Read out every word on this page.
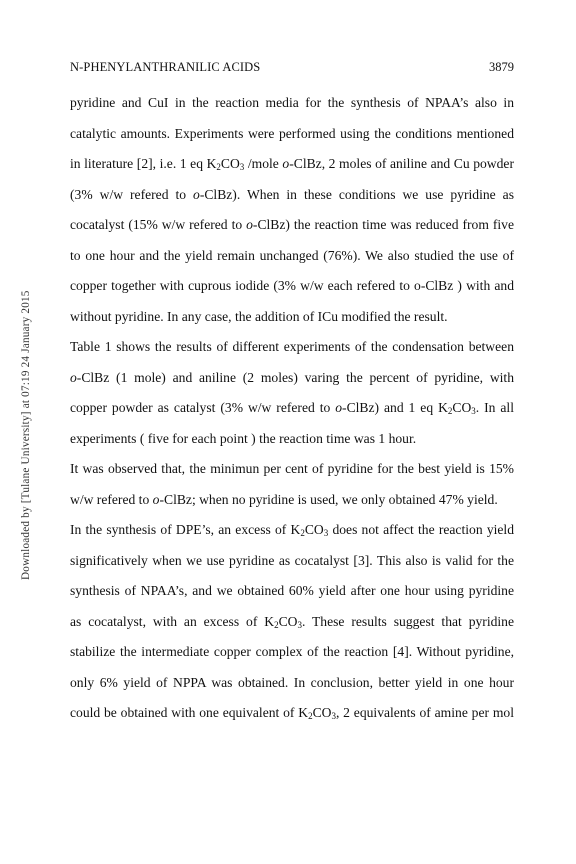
N-PHENYLANTHRANILIC ACIDS	3879
Downloaded by [Tulane University] at 07:19 24 January 2015
pyridine and CuI in the reaction media for the synthesis of NPAA’s also in
catalytic amounts. Experiments were performed using the conditions mentioned
in literature [2], i.e. 1 eq $K_2CO_3$ /mole o-ClBz, 2 moles of aniline and Cu powder
(3% w/w refered to o-ClBz). When in these conditions we use pyridine as
cocatalyst (15% w/w refered to o-ClBz) the reaction time was reduced from five
to one hour and the yield remain unchanged (76%). We also studied the use of
copper together with cuprous iodide (3% w/w each refered to o-ClBz ) with and
without pyridine. In any case, the addition of ICu modified the result.
Table 1 shows the results of different experiments of the condensation between
o-ClBz (1 mole) and aniline (2 moles) varing the percent of pyridine, with
copper powder as catalyst (3% w/w refered to o-ClBz) and 1 eq $K_2CO_3$. In all
experiments ( five for each point ) the reaction time was 1 hour.
It was observed that, the minimun per cent of pyridine for the best yield is 15%
w/w refered to o-ClBz; when no pyridine is used, we only obtained 47% yield.
In the synthesis of DPE’s, an excess of $K_2CO_3$ does not affect the reaction yield
significatively when we use pyridine as cocatalyst [3]. This also is valid for the
synthesis of NPAA’s, and we obtained 60% yield after one hour using pyridine
as cocatalyst, with an excess of $K_2CO_3$. These results suggest that pyridine
stabilize the intermediate copper complex of the reaction [4]. Without pyridine,
only 6% yield of NPPA was obtained. In conclusion, better yield in one hour
could be obtained with one equivalent of $K_2CO_3$, 2 equivalents of amine per mol
